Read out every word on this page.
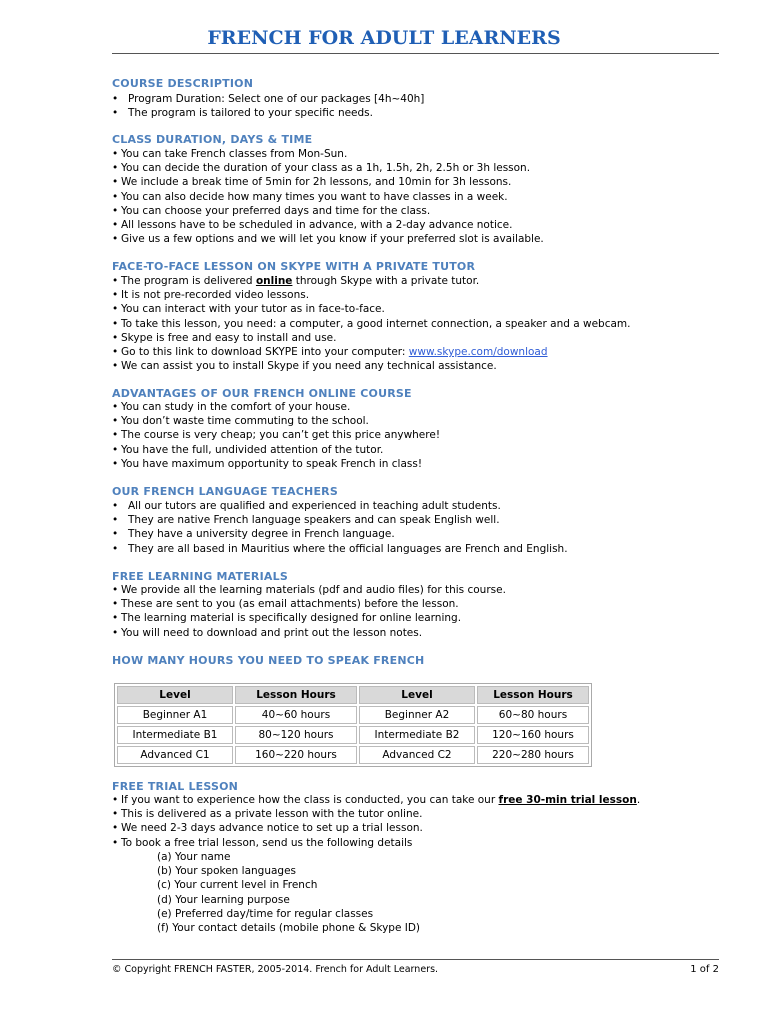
FRENCH FOR ADULT LEARNERS
COURSE DESCRIPTION
• Program Duration: Select one of our packages [4h~40h]
• The program is tailored to your specific needs.
CLASS DURATION, DAYS & TIME
• You can take French classes from Mon-Sun.
• You can decide the duration of your class as a 1h, 1.5h, 2h, 2.5h or 3h lesson.
• We include a break time of 5min for 2h lessons, and 10min for 3h lessons.
• You can also decide how many times you want to have classes in a week.
• You can choose your preferred days and time for the class.
• All lessons have to be scheduled in advance, with a 2-day advance notice.
• Give us a few options and we will let you know if your preferred slot is available.
FACE-TO-FACE LESSON ON SKYPE WITH A PRIVATE TUTOR
• The program is delivered online through Skype with a private tutor.
• It is not pre-recorded video lessons.
• You can interact with your tutor as in face-to-face.
• To take this lesson, you need: a computer, a good internet connection, a speaker and a webcam.
• Skype is free and easy to install and use.
• Go to this link to download SKYPE into your computer: www.skype.com/download
• We can assist you to install Skype if you need any technical assistance.
ADVANTAGES OF OUR FRENCH ONLINE COURSE
• You can study in the comfort of your house.
• You don’t waste time commuting to the school.
• The course is very cheap; you can’t get this price anywhere!
• You have the full, undivided attention of the tutor.
• You have maximum opportunity to speak French in class!
OUR FRENCH LANGUAGE TEACHERS
• All our tutors are qualified and experienced in teaching adult students.
• They are native French language speakers and can speak English well.
• They have a university degree in French language.
• They are all based in Mauritius where the official languages are French and English.
FREE LEARNING MATERIALS
• We provide all the learning materials (pdf and audio files) for this course.
• These are sent to you (as email attachments) before the lesson.
• The learning material is specifically designed for online learning.
• You will need to download and print out the lesson notes.
HOW MANY HOURS YOU NEED TO SPEAK FRENCH
Level	Lesson Hours	Level	Lesson Hours
Beginner A1	40~60 hours	Beginner A2	60~80 hours
Intermediate B1	80~120 hours	Intermediate B2	120~160 hours
Advanced C1	160~220 hours	Advanced C2	220~280 hours
FREE TRIAL LESSON
• If you want to experience how the class is conducted, you can take our free 30-min trial lesson.
• This is delivered as a private lesson with the tutor online.
• We need 2-3 days advance notice to set up a trial lesson.
• To book a free trial lesson, send us the following details
(a) Your name
(b) Your spoken languages
(c) Your current level in French
(d) Your learning purpose
(e) Preferred day/time for regular classes
(f) Your contact details (mobile phone & Skype ID)
© Copyright FRENCH FASTER, 2005-2014. French for Adult Learners.	1 of 2
